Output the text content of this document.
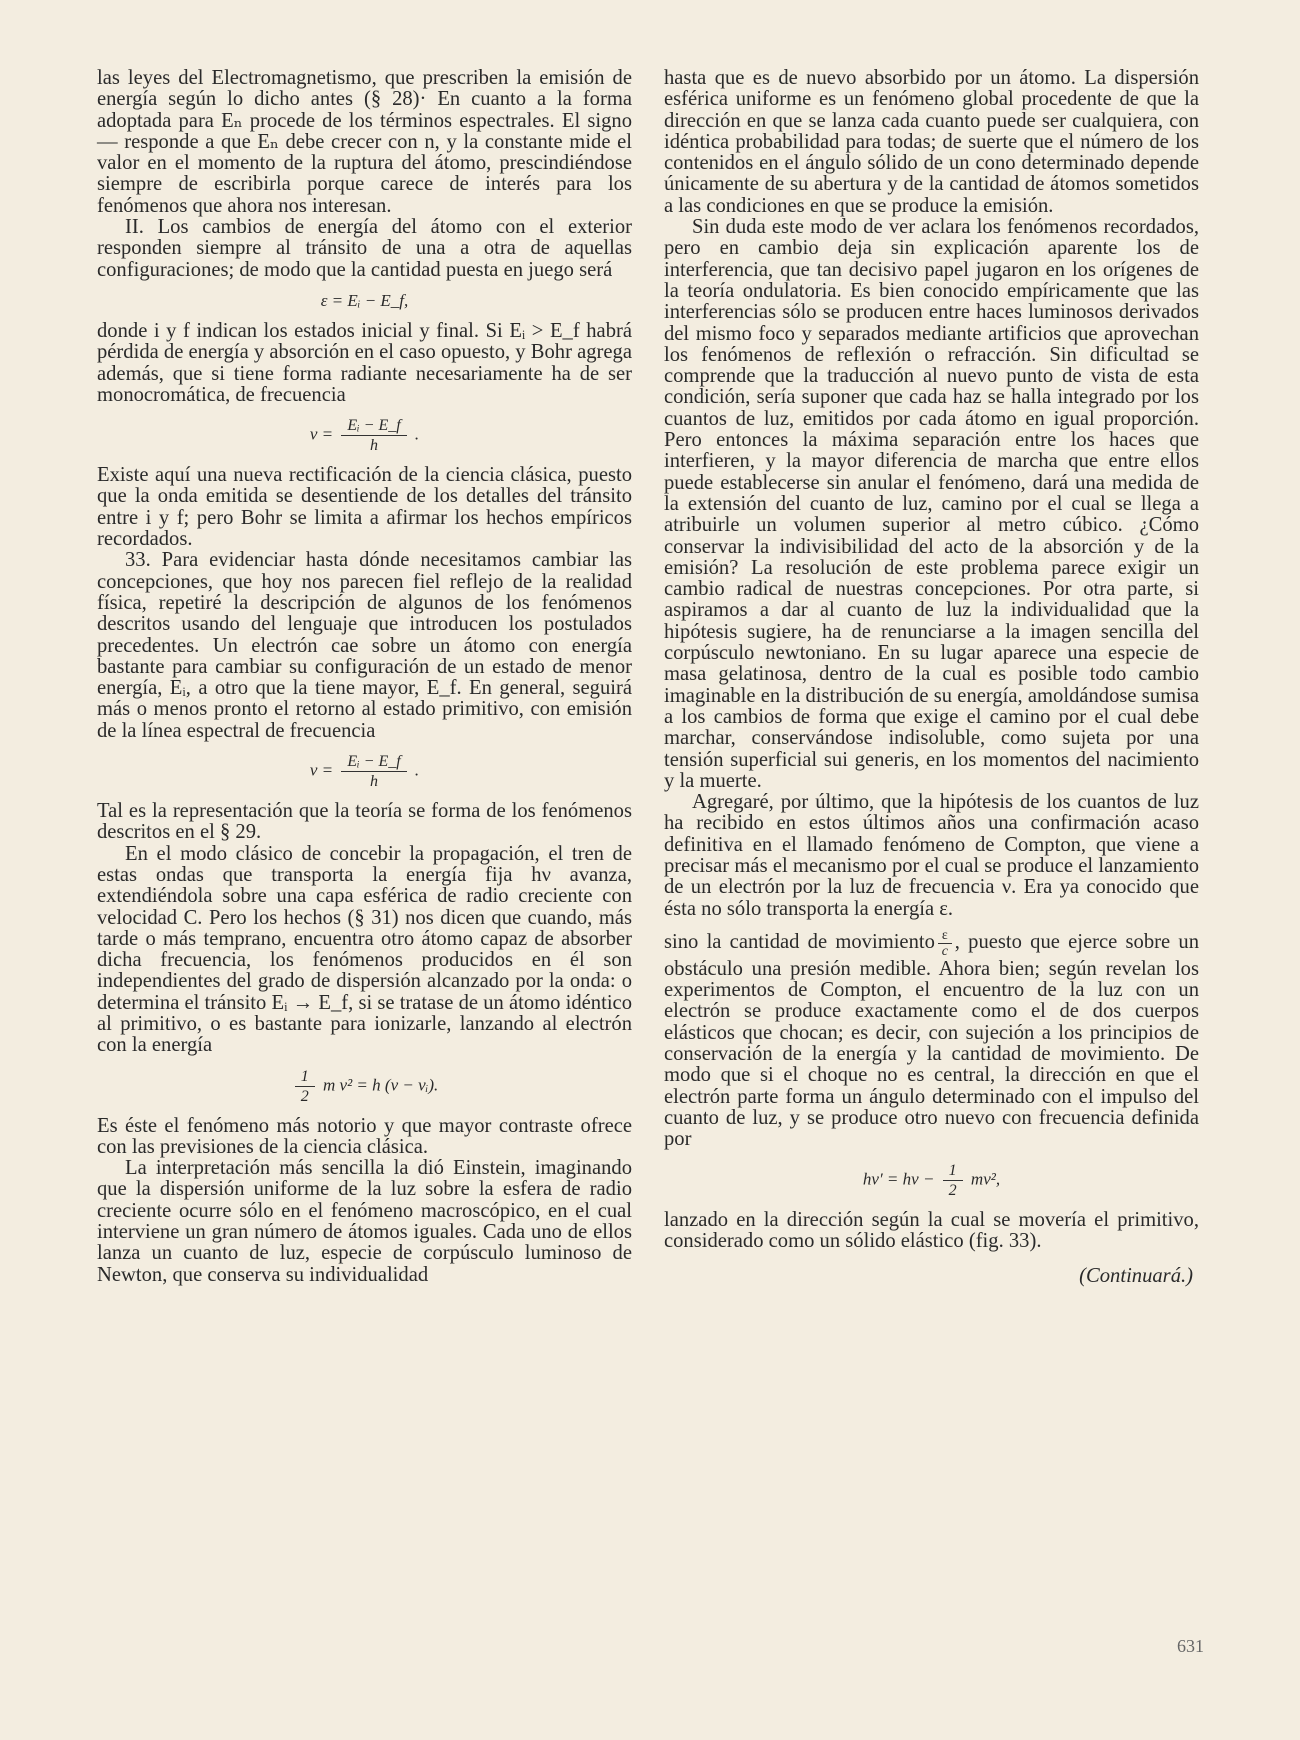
las leyes del Electromagnetismo, que prescriben la emisión de energía según lo dicho antes (§ 28)· En cuanto a la forma adoptada para Eₙ procede de los términos espectrales. El signo — responde a que Eₙ debe crecer con n, y la constante mide el valor en el momento de la ruptura del átomo, prescindiéndose siempre de escribirla porque carece de interés para los fenómenos que ahora nos interesan.

II. Los cambios de energía del átomo con el exterior responden siempre al tránsito de una a otra de aquellas configuraciones; de modo que la cantidad puesta en juego será

ε = Eᵢ − E_f,

donde i y f indican los estados inicial y final. Si Eᵢ > E_f habrá pérdida de energía y absorción en el caso opuesto, y Bohr agrega además, que si tiene forma radiante necesariamente ha de ser monocromática, de frecuencia

$\nu = \frac{\text{Eᵢ − E\_f}}{h}$ .

Existe aquí una nueva rectificación de la ciencia clásica, puesto que la onda emitida se desentiende de los detalles del tránsito entre i y f; pero Bohr se limita a afirmar los hechos empíricos recordados.

33. Para evidenciar hasta dónde necesitamos cambiar las concepciones, que hoy nos parecen fiel reflejo de la realidad física, repetiré la descripción de algunos de los fenómenos descritos usando del lenguaje que introducen los postulados precedentes. Un electrón cae sobre un átomo con energía bastante para cambiar su configuración de un estado de menor energía, Eᵢ, a otro que la tiene mayor, E_f. En general, seguirá más o menos pronto el retorno al estado primitivo, con emisión de la línea espectral de frecuencia

$\nu = \frac{\text{Eᵢ − E\_f}}{h}$ .

Tal es la representación que la teoría se forma de los fenómenos descritos en el § 29.

En el modo clásico de concebir la propagación, el tren de estas ondas que transporta la energía fija hν avanza, extendiéndola sobre una capa esférica de radio creciente con velocidad C. Pero los hechos (§ 31) nos dicen que cuando, más tarde o más temprano, encuentra otro átomo capaz de absorber dicha frecuencia, los fenómenos producidos en él son independientes del grado de dispersión alcanzado por la onda: o determina el tránsito Eᵢ → E_f, si se tratase de un átomo idéntico al primitivo, o es bastante para ionizarle, lanzando al electrón con la energía

$\frac{1}{2}$ m v² = h (ν − νᵢ).

Es éste el fenómeno más notorio y que mayor contraste ofrece con las previsiones de la ciencia clásica.

La interpretación más sencilla la dió Einstein, imaginando que la dispersión uniforme de la luz sobre la esfera de radio creciente ocurre sólo en el fenómeno macroscópico, en el cual interviene un gran número de átomos iguales. Cada uno de ellos lanza un cuanto de luz, especie de corpúsculo luminoso de Newton, que conserva su individualidad

hasta que es de nuevo absorbido por un átomo. La dispersión esférica uniforme es un fenómeno global procedente de que la dirección en que se lanza cada cuanto puede ser cualquiera, con idéntica probabilidad para todas; de suerte que el número de los contenidos en el ángulo sólido de un cono determinado depende únicamente de su abertura y de la cantidad de átomos sometidos a las condiciones en que se produce la emisión.

Sin duda este modo de ver aclara los fenómenos recordados, pero en cambio deja sin explicación aparente los de interferencia, que tan decisivo papel jugaron en los orígenes de la teoría ondulatoria. Es bien conocido empíricamente que las interferencias sólo se producen entre haces luminosos derivados del mismo foco y separados mediante artificios que aprovechan los fenómenos de reflexión o refracción. Sin dificultad se comprende que la traducción al nuevo punto de vista de esta condición, sería suponer que cada haz se halla integrado por los cuantos de luz, emitidos por cada átomo en igual proporción. Pero entonces la máxima separación entre los haces que interfieren, y la mayor diferencia de marcha que entre ellos puede establecerse sin anular el fenómeno, dará una medida de la extensión del cuanto de luz, camino por el cual se llega a atribuirle un volumen superior al metro cúbico. ¿Cómo conservar la indivisibilidad del acto de la absorción y de la emisión? La resolución de este problema parece exigir un cambio radical de nuestras concepciones. Por otra parte, si aspiramos a dar al cuanto de luz la individualidad que la hipótesis sugiere, ha de renunciarse a la imagen sencilla del corpúsculo newtoniano. En su lugar aparece una especie de masa gelatinosa, dentro de la cual es posible todo cambio imaginable en la distribución de su energía, amoldándose sumisa a los cambios de forma que exige el camino por el cual debe marchar, conservándose indisoluble, como sujeta por una tensión superficial sui generis, en los momentos del nacimiento y la muerte.

Agregaré, por último, que la hipótesis de los cuantos de luz ha recibido en estos últimos años una confirmación acaso definitiva en el llamado fenómeno de Compton, que viene a precisar más el mecanismo por el cual se produce el lanzamiento de un electrón por la luz de frecuencia ν. Era ya conocido que ésta no sólo transporta la energía ε.

sino la cantidad de movimiento $\frac{\varepsilon}{c}$ , puesto que ejerce sobre un obstáculo una presión medible. Ahora bien; según revelan los experimentos de Compton, el encuentro de la luz con un electrón se produce exactamente como el de dos cuerpos elásticos que chocan; es decir, con sujeción a los principios de conservación de la energía y la cantidad de movimiento. De modo que si el choque no es central, la dirección en que el electrón parte forma un ángulo determinado con el impulso del cuanto de luz, y se produce otro nuevo con frecuencia definida por

$h\nu' = h\nu - \frac{1}{2} mv^2$,

lanzado en la dirección según la cual se movería el primitivo, considerado como un sólido elástico (fig. 33).

(Continuará.)
631
